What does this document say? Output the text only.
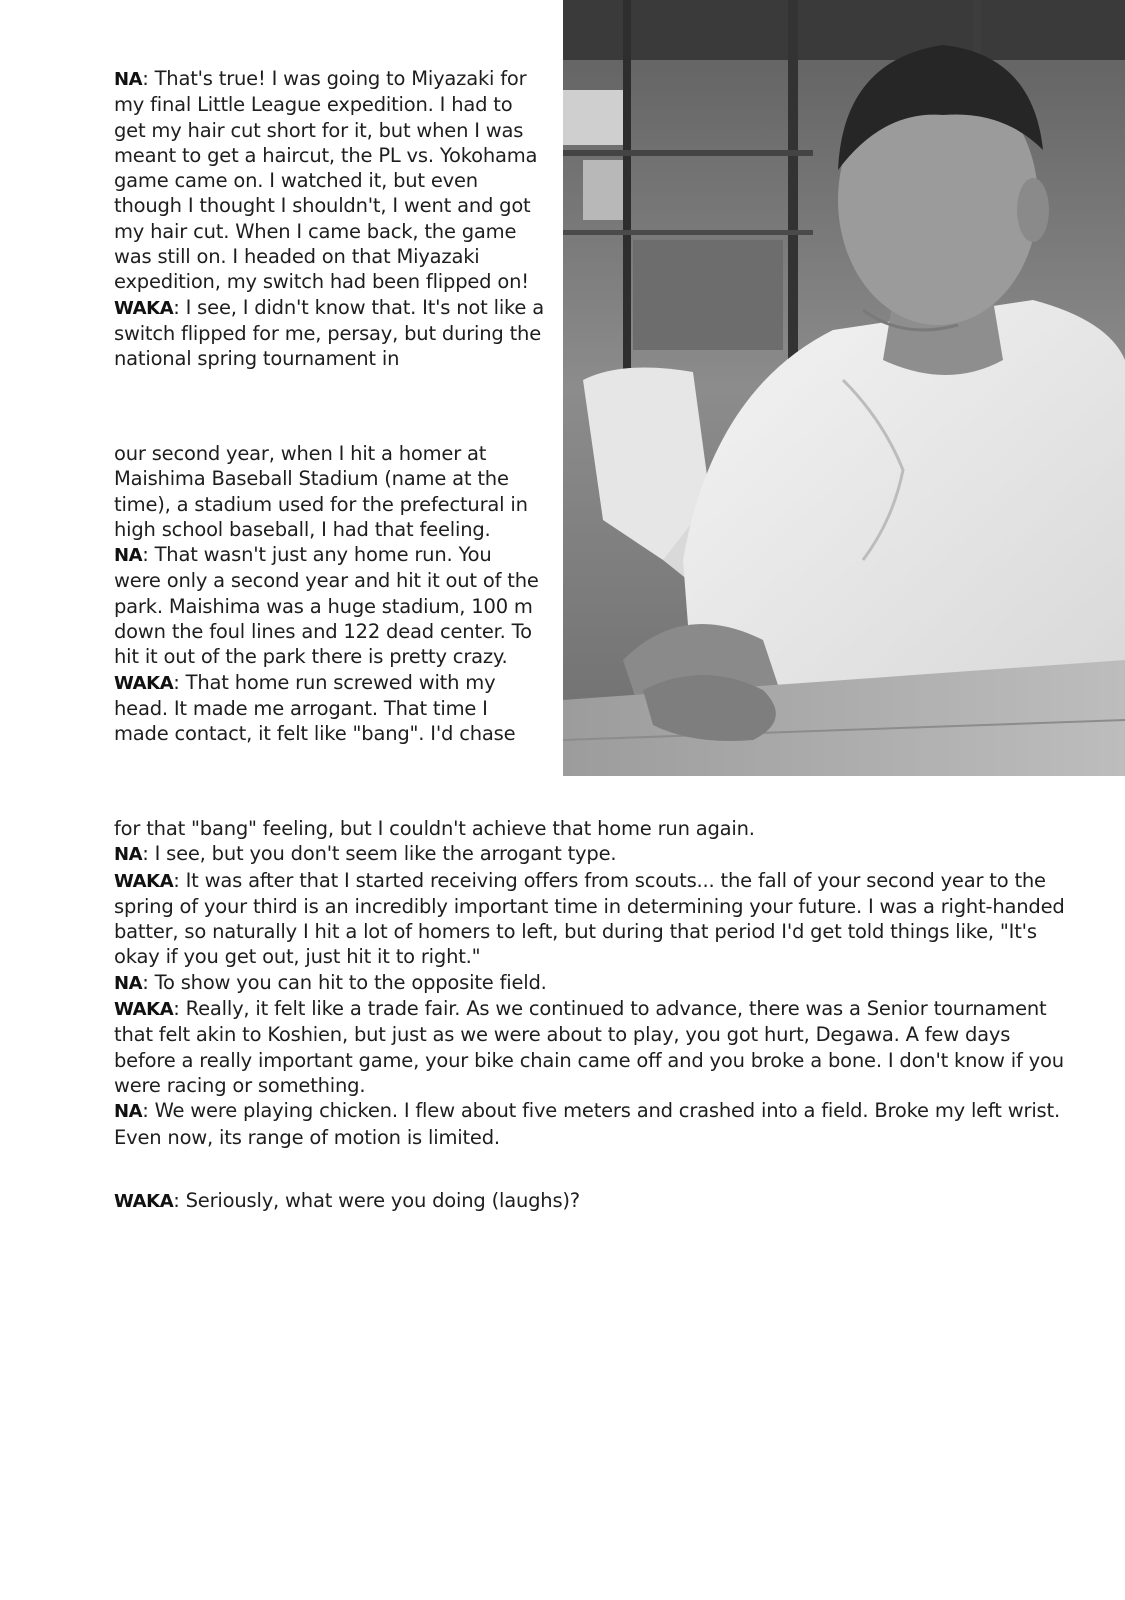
NA: That's true! I was going to Miyazaki for my final Little League expedition. I had to get my hair cut short for it, but when I was meant to get a haircut, the PL vs. Yokohama game came on. I watched it, but even though I thought I shouldn't, I went and got my hair cut. When I came back, the game was still on. I headed on that Miyazaki expedition, my switch had been flipped on!

WAKA: I see, I didn't know that. It's not like a switch flipped for me, persay, but during the national spring tournament in

our second year, when I hit a homer at Maishima Baseball Stadium (name at the time), a stadium used for the prefectural in high school baseball, I had that feeling.

NA: That wasn't just any home run. You were only a second year and hit it out of the park. Maishima was a huge stadium, 100 m down the foul lines and 122 dead center. To hit it out of the park there is pretty crazy.

WAKA: That home run screwed with my head. It made me arrogant. That time I made contact, it felt like "bang". I'd chase

for that "bang" feeling, but I couldn't achieve that home run again.

NA: I see, but you don't seem like the arrogant type.

WAKA: It was after that I started receiving offers from scouts... the fall of your second year to the spring of your third is an incredibly important time in determining your future. I was a right-handed batter, so naturally I hit a lot of homers to left, but during that period I'd get told things like, "It's okay if you get out, just hit it to right."

NA: To show you can hit to the opposite field.

WAKA: Really, it felt like a trade fair. As we continued to advance, there was a Senior tournament that felt akin to Koshien, but just as we were about to play, you got hurt, Degawa. A few days before a really important game, your bike chain came off and you broke a bone. I don't know if you were racing or something.

NA: We were playing chicken. I flew about five meters and crashed into a field. Broke my left wrist. Even now, its range of motion is limited.

WAKA: Seriously, what were you doing (laughs)?
